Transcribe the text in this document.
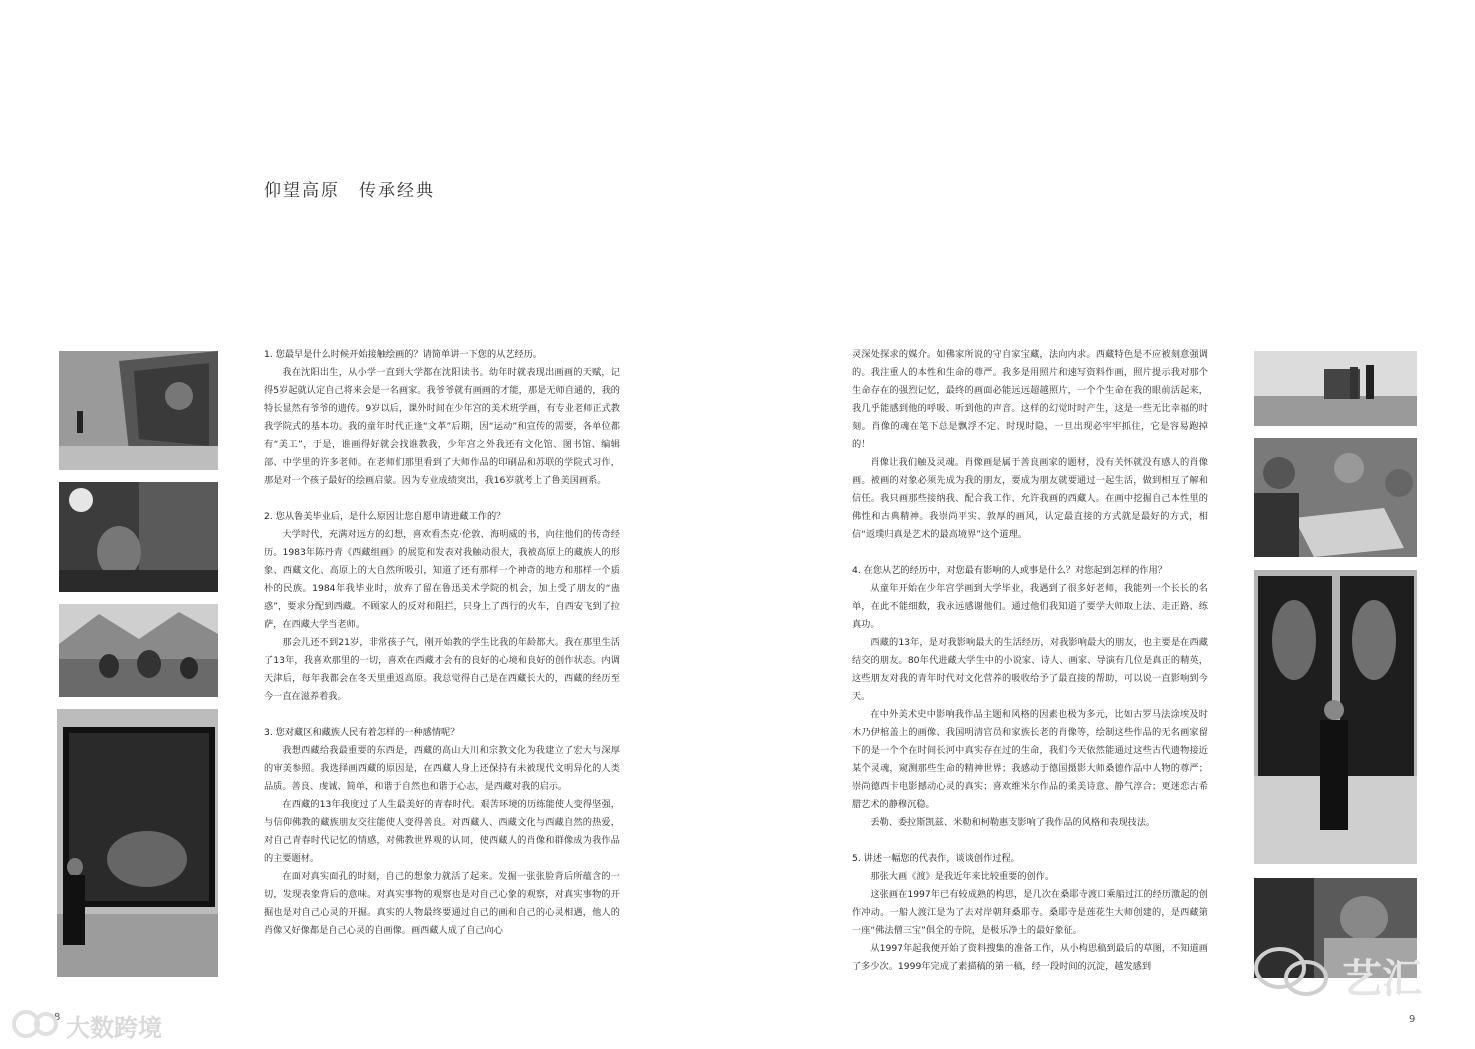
仰望高原　传承经典

1. 您最早是什么时候开始接触绘画的？请简单讲一下您的从艺经历。

我在沈阳出生，从小学一直到大学都在沈阳读书。幼年时就表现出画画的天赋，记得5岁起就认定自己将来会是一名画家。我爷爷就有画画的才能，那是无师自通的，我的特长显然有爷爷的遗传。9岁以后，课外时间在少年宫的美术班学画，有专业老师正式教我学院式的基本功。我的童年时代正逢“文革”后期，因“运动”和宣传的需要，各单位都有“美工”，于是，谁画得好就会找谁教我，少年宫之外我还有文化馆、图书馆、编辑部、中学里的许多老师。在老师们那里看到了大师作品的印刷品和苏联的学院式习作，那是对一个孩子最好的绘画启蒙。因为专业成绩突出，我16岁就考上了鲁美国画系。

2. 您从鲁美毕业后，是什么原因让您自愿申请进藏工作的？

大学时代，充满对远方的幻想，喜欢看杰克·伦敦、海明威的书，向往他们的传奇经历。1983年陈丹青《西藏组画》的展览和发表对我触动很大，我被高原上的藏族人的形象、西藏文化、高原上的大自然所吸引，知道了还有那样一个神奇的地方和那样一个质朴的民族。1984年我毕业时，放弃了留在鲁迅美术学院的机会，加上受了朋友的“蛊惑”，要求分配到西藏。不顾家人的反对和阻拦，只身上了西行的火车，自西安飞到了拉萨，在西藏大学当老师。

那会儿还不到21岁，非常孩子气，刚开始教的学生比我的年龄都大。我在那里生活了13年，我喜欢那里的一切，喜欢在西藏才会有的良好的心境和良好的创作状态。内调天津后，每年我都会在冬天里重返高原。我总觉得自己是在西藏长大的，西藏的经历至今一直在滋养着我。

3. 您对藏区和藏族人民有着怎样的一种感情呢？

我想西藏给我最重要的东西是，西藏的高山大川和宗教文化为我建立了宏大与深厚的审美参照。我选择画西藏的原因是，在西藏人身上还保持有未被现代文明异化的人类品质。善良、虔诚、简单，和谐于自然也和谐于心志，是西藏对我的启示。

在西藏的13年我度过了人生最美好的青春时代。艰苦环境的历练能使人变得坚强，与信仰佛教的藏族朋友交往能使人变得善良。对西藏人、西藏文化与西藏自然的热爱，对自己青春时代记忆的情感，对佛教世界观的认同，使西藏人的肖像和群像成为我作品的主要题材。

在面对真实面孔的时刻，自己的想象力就活了起来。发掘一张张脸背后所蕴含的一切，发现表象背后的意味。对真实事物的观察也是对自己心象的观察，对真实事物的开掘也是对自己心灵的开掘。真实的人物最终要通过自己的画和自己的心灵相遇，他人的肖像又好像都是自己心灵的自画像。画西藏人成了自己向心

灵深处探求的媒介。如佛家所说的守自家宝藏，法向内求。西藏特色是不应被刻意强调的。我注重人的本性和生命的尊严。我多是用照片和速写资料作画，照片提示我对那个生命存在的强烈记忆，最终的画面必能远远超越照片，一个个生命在我的眼前活起来，我几乎能感到他的呼吸、听到他的声音。这样的幻觉时时产生，这是一些无比幸福的时刻。肖像的魂在笔下总是飘浮不定、时现时隐，一旦出现必牢牢抓住，它是容易跑掉的！

肖像让我们触及灵魂。肖像画是属于善良画家的题材，没有关怀就没有感人的肖像画。被画的对象必须先成为我的朋友，要成为朋友就要通过一起生活，做到相互了解和信任。我只画那些接纳我、配合我工作、允许我画的西藏人。在画中挖掘自己本性里的佛性和古典精神。我崇尚平实、敦厚的画风，认定最直接的方式就是最好的方式，相信“返璞归真是艺术的最高境界”这个道理。

4. 在您从艺的经历中，对您最有影响的人或事是什么？对您起到怎样的作用？

从童年开始在少年宫学画到大学毕业，我遇到了很多好老师，我能列一个长长的名单，在此不能细数，我永远感谢他们。通过他们我知道了要学大师取上法、走正路、练真功。

西藏的13年，是对我影响最大的生活经历，对我影响最大的朋友，也主要是在西藏结交的朋友。80年代进藏大学生中的小说家、诗人、画家、导演有几位是真正的精英，这些朋友对我的青年时代对文化营养的吸收给予了最直接的帮助，可以说一直影响到今天。

在中外美术史中影响我作品主题和风格的因素也极为多元，比如古罗马法涂埃及时木乃伊棺盖上的画像、我国明清官员和家族长老的肖像等，绘制这些作品的无名画家留下的是一个个在时间长河中真实存在过的生命，我们今天依然能通过这些古代遗物接近某个灵魂，窥测那些生命的精神世界；我感动于德国摄影大师桑德作品中人物的尊严；崇尚德西卡电影撼动心灵的真实；喜欢维米尔作品的柔美诗意、静气淳合；更迷恋古希腊艺术的静穆沉稳。

丢勒、委拉斯凯兹、米勒和柯勒惠支影响了我作品的风格和表现技法。

5. 讲述一幅您的代表作，谈谈创作过程。

那张大画《渡》是我近年来比较重要的创作。

这张画在1997年已有较成熟的构思，是几次在桑耶寺渡口乘船过江的经历激起的创作冲动。一船人渡江是为了去对岸朝拜桑耶寺。桑耶寺是莲花生大师创建的，是西藏第一座“佛法僧三宝”俱全的寺院，是极乐净土的最好象征。

从1997年起我便开始了资料搜集的准备工作，从小构思稿到最后的草图，不知道画了多少次。1999年完成了素描稿的第一稿，经一段时间的沉淀，越发感到

8	9
大数跨境
艺汇
